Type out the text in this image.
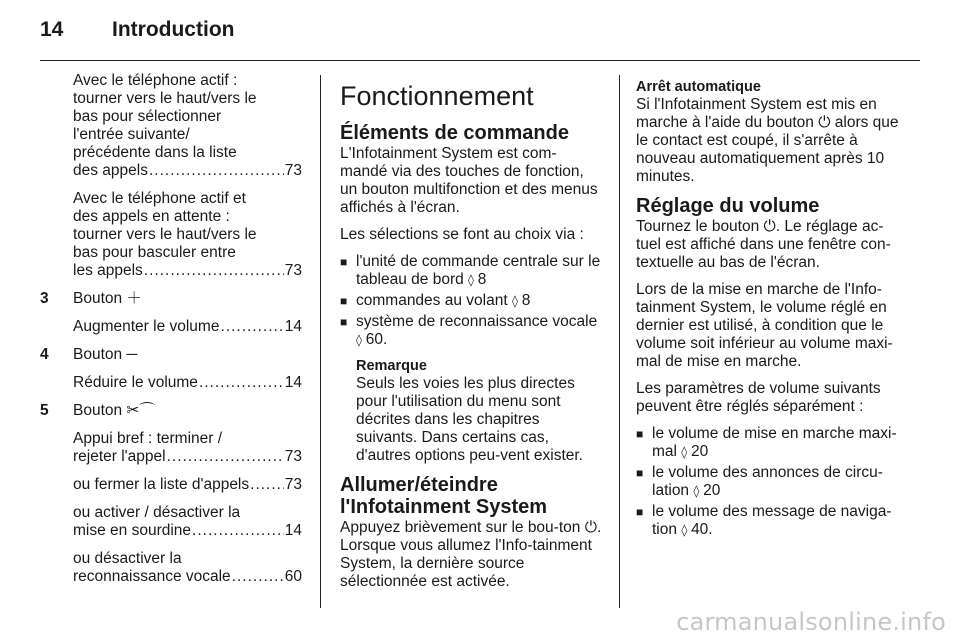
14 Introduction
Avec le téléphone actif :
tourner vers le haut/vers le
bas pour sélectionner
l'entrée suivante/
précédente dans la liste
des appels .....	73
Avec le téléphone actif et
des appels en attente :
tourner vers le haut/vers le
bas pour basculer entre
les appels .....	73
3 Bouton ＋
Augmenter le volume .....	14
4 Bouton ─
Réduire le volume .....	14
5 Bouton ✂︎⌒
Appui bref : terminer /
rejeter l'appel .....	73
ou fermer la liste d'appels ..... 73
ou activer / désactiver la
mise en sourdine .....	14
ou désactiver la
reconnaissance vocale .....	60
Fonctionnement
Éléments de commande

L'Infotainment System est com-mandé via des touches de fonction, un bouton multifonction et des menus affichés à l'écran.

Les sélections se font au choix via :

■ l'unité de commande centrale sur le tableau de bord ◊ 8
■ commandes au volant ◊ 8
■ système de reconnaissance vocale ◊ 60.
Remarque

Seuls les voies les plus directes pour l'utilisation du menu sont décrites dans les chapitres suivants. Dans certains cas, d'autres options peu-vent exister.

Allumer/éteindre l'Infotainment System

Appuyez brièvement sur le bou-ton ⏻. Lorsque vous allumez l'Info-tainment System, la dernière source sélectionnée est activée.

Arrêt automatique

Si l'Infotainment System est mis en marche à l'aide du bouton ⏻ alors que le contact est coupé, il s'arrête à nouveau automatiquement après 10 minutes.

Réglage du volume

Tournez le bouton ⏻. Le réglage ac-tuel est affiché dans une fenêtre con-textuelle au bas de l'écran.

Lors de la mise en marche de l'Info-tainment System, le volume réglé en dernier est utilisé, à condition que le volume soit inférieur au volume maxi-mal de mise en marche.

Les paramètres de volume suivants peuvent être réglés séparément :

■ le volume de mise en marche maxi-mal ◊ 20
■ le volume des annonces de circu-lation ◊ 20
■ le volume des message de naviga-tion ◊ 40.
carmanualsonline.info
